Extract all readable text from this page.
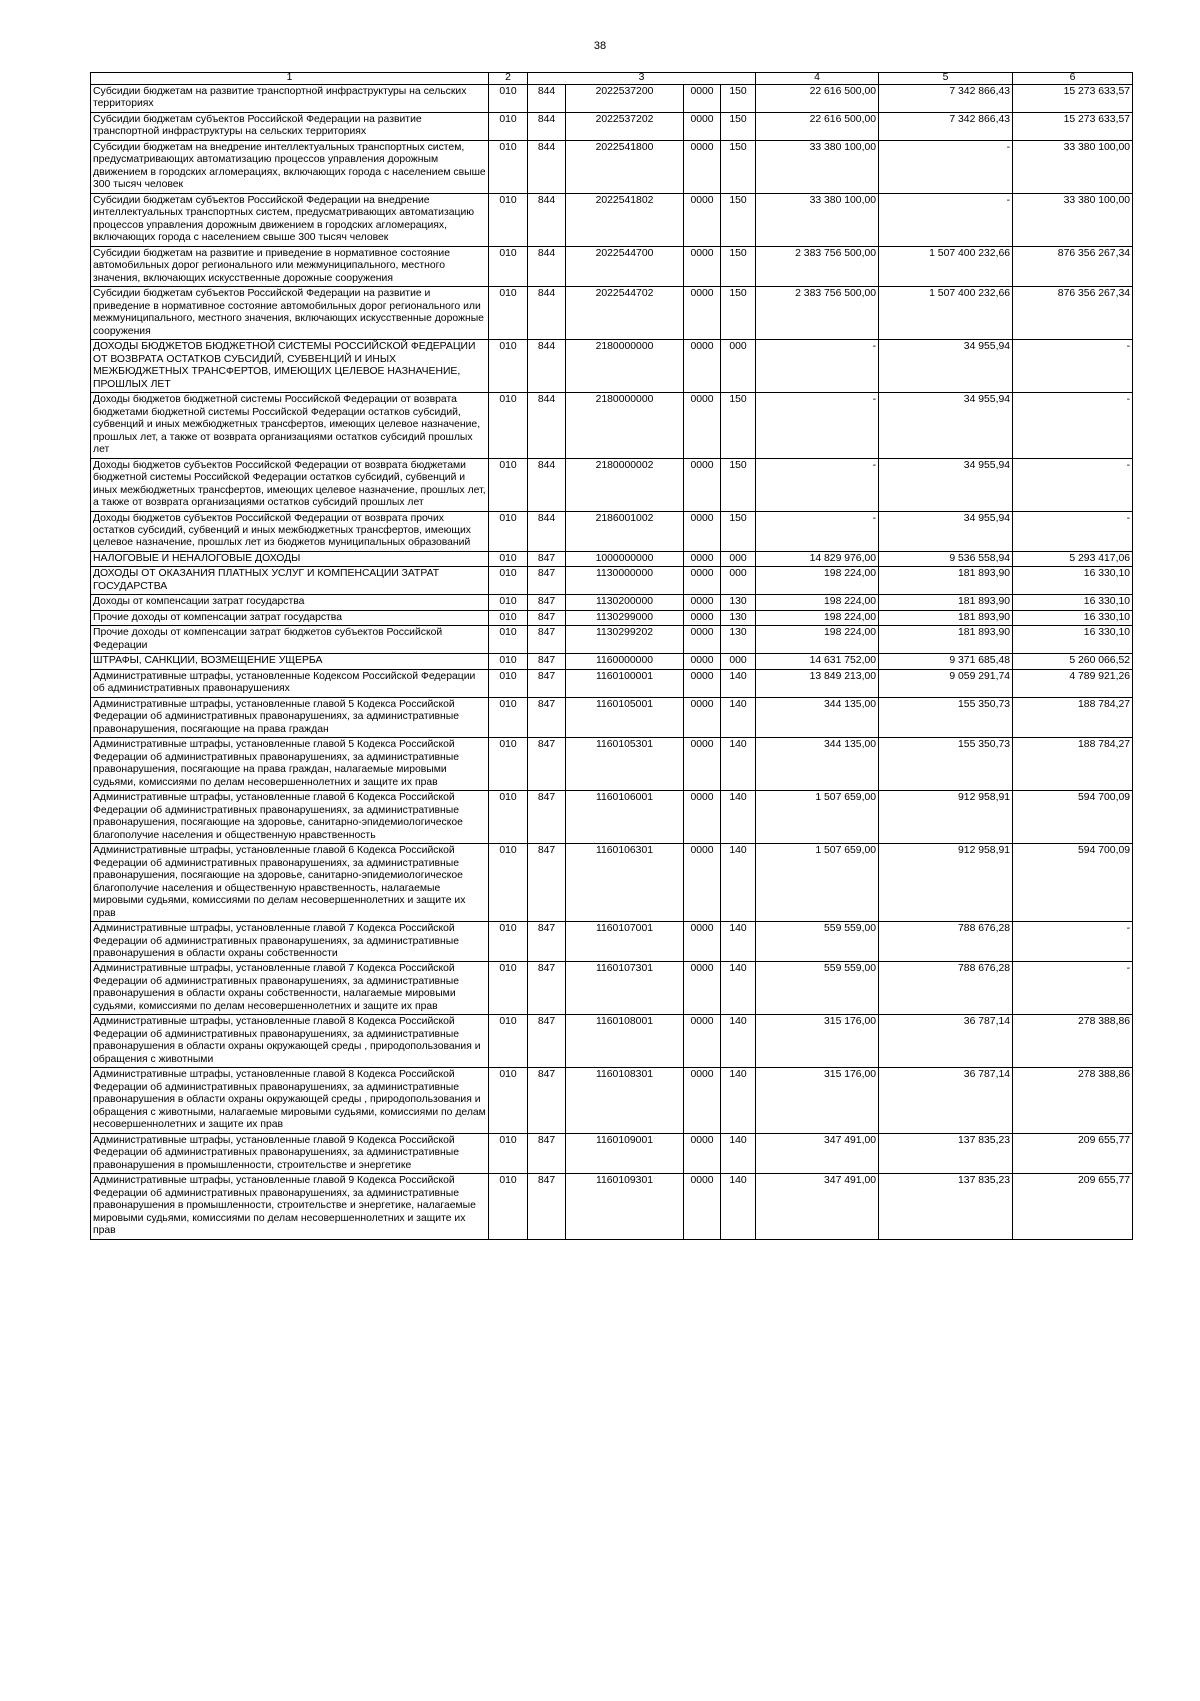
38
1	2	3				4	5	6
Субсидии бюджетам на развитие транспортной инфраструктуры на сельских территориях	010	844	2022537200	0000	150	22 616 500,00	7 342 866,43	15 273 633,57
Субсидии бюджетам субъектов Российской Федерации на развитие транспортной инфраструктуры на сельских территориях	010	844	2022537202	0000	150	22 616 500,00	7 342 866,43	15 273 633,57
Субсидии бюджетам на внедрение интеллектуальных транспортных систем, предусматривающих автоматизацию процессов управления дорожным движением в городских агломерациях, включающих города с населением свыше 300 тысяч человек	010	844	2022541800	0000	150	33 380 100,00	-	33 380 100,00
Субсидии бюджетам субъектов Российской Федерации на внедрение интеллектуальных транспортных систем, предусматривающих автоматизацию процессов управления дорожным движением в городских агломерациях, включающих города с населением свыше 300 тысяч человек	010	844	2022541802	0000	150	33 380 100,00	-	33 380 100,00
Субсидии бюджетам на развитие и приведение в нормативное состояние автомобильных дорог регионального или межмуниципального, местного значения, включающих искусственные дорожные сооружения	010	844	2022544700	0000	150	2 383 756 500,00	1 507 400 232,66	876 356 267,34
Субсидии бюджетам субъектов Российской Федерации на развитие и приведение в нормативное состояние автомобильных дорог регионального или межмуниципального, местного значения, включающих искусственные дорожные сооружения	010	844	2022544702	0000	150	2 383 756 500,00	1 507 400 232,66	876 356 267,34
ДОХОДЫ БЮДЖЕТОВ БЮДЖЕТНОЙ СИСТЕМЫ РОССИЙСКОЙ ФЕДЕРАЦИИ ОТ ВОЗВРАТА ОСТАТКОВ СУБСИДИЙ, СУБВЕНЦИЙ И ИНЫХ МЕЖБЮДЖЕТНЫХ ТРАНСФЕРТОВ, ИМЕЮЩИХ ЦЕЛЕВОЕ НАЗНАЧЕНИЕ, ПРОШЛЫХ ЛЕТ	010	844	2180000000	0000	000	-	34 955,94	-
Доходы бюджетов бюджетной системы Российской Федерации от возврата бюджетами бюджетной системы Российской Федерации остатков субсидий, субвенций и иных межбюджетных трансфертов, имеющих целевое назначение, прошлых лет, а также от возврата организациями остатков субсидий прошлых лет	010	844	2180000000	0000	150	-	34 955,94	-
Доходы бюджетов субъектов Российской Федерации от возврата бюджетами бюджетной системы Российской Федерации остатков субсидий, субвенций и иных межбюджетных трансфертов, имеющих целевое назначение, прошлых лет, а также от возврата организациями остатков субсидий прошлых лет	010	844	2180000002	0000	150	-	34 955,94	-
Доходы бюджетов субъектов Российской Федерации от возврата прочих остатков субсидий, субвенций и иных межбюджетных трансфертов, имеющих целевое назначение, прошлых лет из бюджетов муниципальных образований	010	844	2186001002	0000	150	-	34 955,94	-
НАЛОГОВЫЕ И НЕНАЛОГОВЫЕ ДОХОДЫ	010	847	1000000000	0000	000	14 829 976,00	9 536 558,94	5 293 417,06
ДОХОДЫ ОТ ОКАЗАНИЯ ПЛАТНЫХ УСЛУГ И КОМПЕНСАЦИИ ЗАТРАТ ГОСУДАРСТВА	010	847	1130000000	0000	000	198 224,00	181 893,90	16 330,10
Доходы от компенсации затрат государства	010	847	1130200000	0000	130	198 224,00	181 893,90	16 330,10
Прочие доходы от компенсации затрат государства	010	847	1130299000	0000	130	198 224,00	181 893,90	16 330,10
Прочие доходы от компенсации затрат бюджетов субъектов Российской Федерации	010	847	1130299202	0000	130	198 224,00	181 893,90	16 330,10
ШТРАФЫ, САНКЦИИ, ВОЗМЕЩЕНИЕ УЩЕРБА	010	847	1160000000	0000	000	14 631 752,00	9 371 685,48	5 260 066,52
Административные штрафы, установленные Кодексом Российской Федерации об административных правонарушениях	010	847	1160100001	0000	140	13 849 213,00	9 059 291,74	4 789 921,26
Административные штрафы, установленные главой 5 Кодекса Российской Федерации об административных правонарушениях, за административные правонарушения, посягающие на права граждан	010	847	1160105001	0000	140	344 135,00	155 350,73	188 784,27
Административные штрафы, установленные главой 5 Кодекса Российской Федерации об административных правонарушениях, за административные правонарушения, посягающие на права граждан, налагаемые мировыми судьями, комиссиями по делам несовершеннолетних и защите их прав	010	847	1160105301	0000	140	344 135,00	155 350,73	188 784,27
Административные штрафы, установленные главой 6 Кодекса Российской Федерации об административных правонарушениях, за административные правонарушения, посягающие на здоровье, санитарно-эпидемиологическое благополучие населения и общественную нравственность	010	847	1160106001	0000	140	1 507 659,00	912 958,91	594 700,09
Административные штрафы, установленные главой 6 Кодекса Российской Федерации об административных правонарушениях, за административные правонарушения, посягающие на здоровье, санитарно-эпидемиологическое благополучие населения и общественную нравственность, налагаемые мировыми судьями, комиссиями по делам несовершеннолетних и защите их прав	010	847	1160106301	0000	140	1 507 659,00	912 958,91	594 700,09
Административные штрафы, установленные главой 7 Кодекса Российской Федерации об административных правонарушениях, за административные правонарушения в области охраны собственности	010	847	1160107001	0000	140	559 559,00	788 676,28	-
Административные штрафы, установленные главой 7 Кодекса Российской Федерации об административных правонарушениях, за административные правонарушения в области охраны собственности, налагаемые мировыми судьями, комиссиями по делам несовершеннолетних и защите их прав	010	847	1160107301	0000	140	559 559,00	788 676,28	-
Административные штрафы, установленные главой 8 Кодекса Российской Федерации об административных правонарушениях, за административные правонарушения в области охраны окружающей среды , природопользования и обращения с животными	010	847	1160108001	0000	140	315 176,00	36 787,14	278 388,86
Административные штрафы, установленные главой 8 Кодекса Российской Федерации об административных правонарушениях, за административные правонарушения в области охраны окружающей среды , природопользования и обращения с животными, налагаемые мировыми судьями, комиссиями по делам несовершеннолетних и защите их прав	010	847	1160108301	0000	140	315 176,00	36 787,14	278 388,86
Административные штрафы, установленные главой 9 Кодекса Российской Федерации об административных правонарушениях, за административные правонарушения в промышленности, строительстве и энергетике	010	847	1160109001	0000	140	347 491,00	137 835,23	209 655,77
Административные штрафы, установленные главой 9 Кодекса Российской Федерации об административных правонарушениях, за административные правонарушения в промышленности, строительстве и энергетике, налагаемые мировыми судьями, комиссиями по делам несовершеннолетних и защите их прав	010	847	1160109301	0000	140	347 491,00	137 835,23	209 655,77
